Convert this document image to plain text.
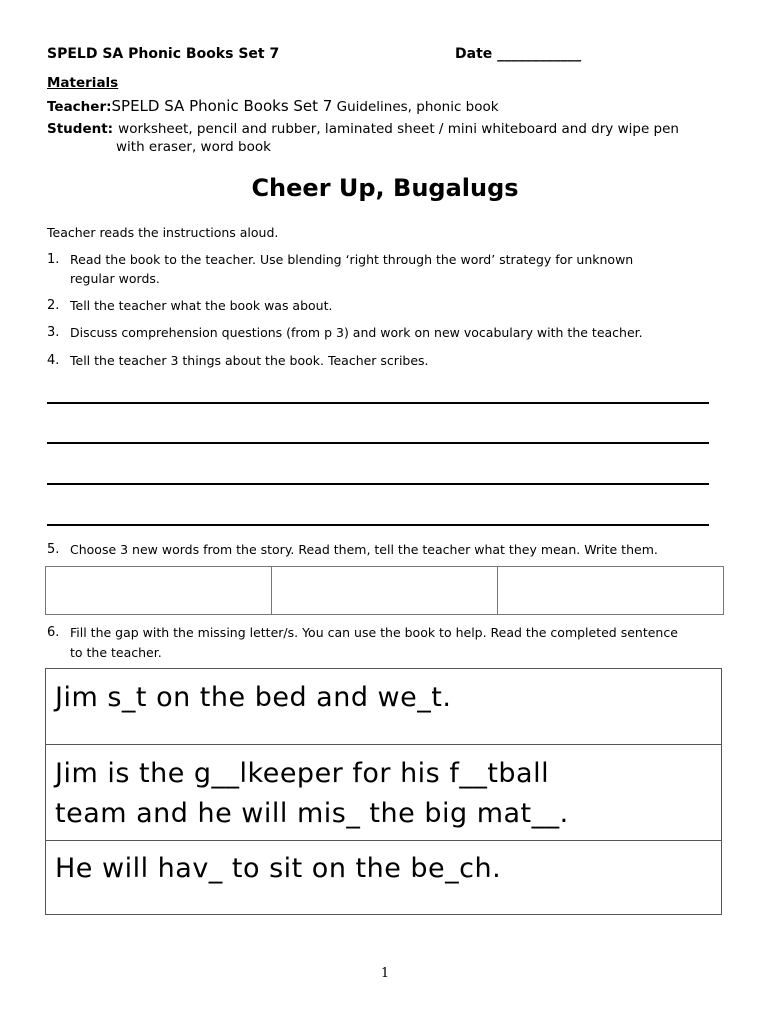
SPELD SA Phonic Books Set 7	Date ____________
Materials
Teacher:SPELD SA Phonic Books Set 7 Guidelines, phonic book
Student: worksheet, pencil and rubber, laminated sheet / mini whiteboard and dry wipe pen
with eraser, word book
Cheer Up, Bugalugs
Teacher reads the instructions aloud.
1. Read the book to the teacher. Use blending ‘right through the word’ strategy for unknown
regular words.
2. Tell the teacher what the book was about.
3. Discuss comprehension questions (from p 3) and work on new vocabulary with the teacher.
4. Tell the teacher 3 things about the book. Teacher scribes.
5. Choose 3 new words from the story. Read them, tell the teacher what they mean. Write them.

6. Fill the gap with the missing letter/s. You can use the book to help. Read the completed sentence
to the teacher.
Jim s_t on the bed and we_t.
Jim is the g__lkeeper for his f__tball
team and he will mis_ the big mat__.
He will hav_ to sit on the be_ch.
1
